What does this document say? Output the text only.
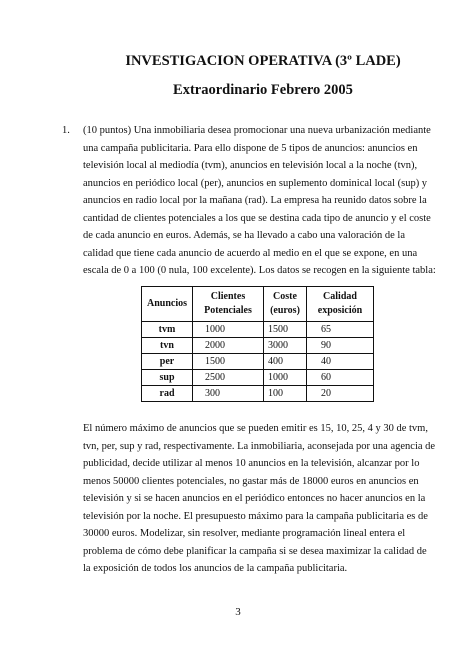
INVESTIGACION OPERATIVA (3º LADE)
Extraordinario Febrero 2005
1. (10 puntos) Una inmobiliaria desea promocionar una nueva urbanización mediante
una campaña publicitaria. Para ello dispone de 5 tipos de anuncios: anuncios en
televisión local al mediodía (tvm), anuncios en televisión local a la noche (tvn),
anuncios en periódico local (per), anuncios en suplemento dominical local (sup) y
anuncios en radio local por la mañana (rad). La empresa ha reunido datos sobre la
cantidad de clientes potenciales a los que se destina cada tipo de anuncio y el coste
de cada anuncio en euros. Además, se ha llevado a cabo una valoración de la
calidad que tiene cada anuncio de acuerdo al medio en el que se expone, en una
escala de 0 a 100 (0 nula, 100 excelente). Los datos se recogen en la siguiente tabla:
Anuncios	Clientes Potenciales	Coste (euros)	Calidad exposición
tvm	1000	1500	65
tvn	2000	3000	90
per	1500	400	40
sup	2500	1000	60
rad	300	100	20
El número máximo de anuncios que se pueden emitir es 15, 10, 25, 4 y 30 de tvm,
tvn, per, sup y rad, respectivamente. La inmobiliaria, aconsejada por una agencia de
publicidad, decide utilizar al menos 10 anuncios en la televisión, alcanzar por lo
menos 50000 clientes potenciales, no gastar más de 18000 euros en anuncios en
televisión y si se hacen anuncios en el periódico entonces no hacer anuncios en la
televisión por la noche. El presupuesto máximo para la campaña publicitaria es de
30000 euros. Modelizar, sin resolver, mediante programación lineal entera el
problema de cómo debe planificar la campaña si se desea maximizar la calidad de
la exposición de todos los anuncios de la campaña publicitaria.
3
